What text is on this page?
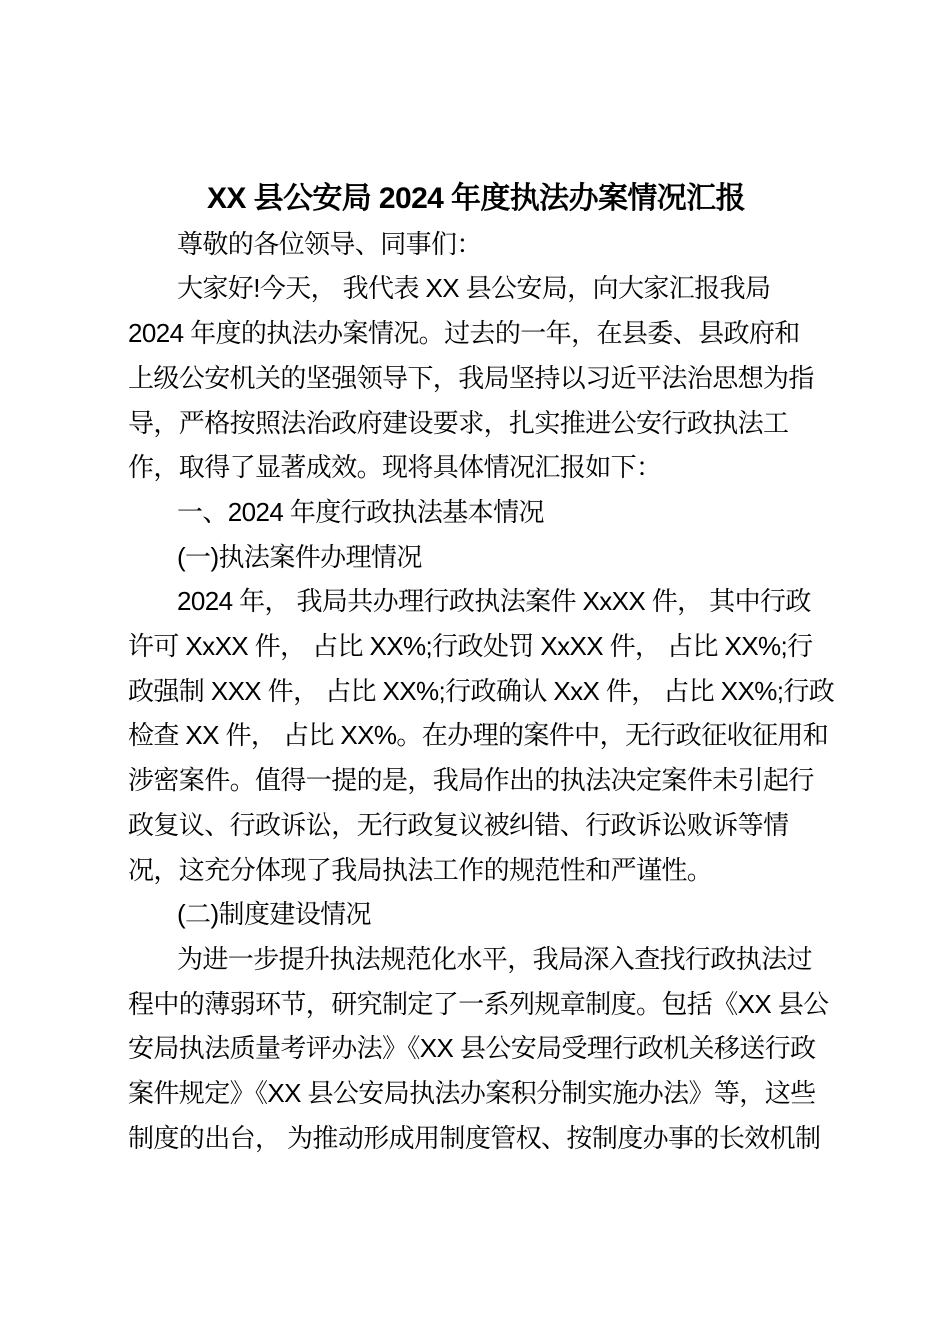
XX 县公安局 2024 年度执法办案情况汇报
尊敬的各位领导、同事们：
大家好!今天， 我代表 XX 县公安局，向大家汇报我局
2024 年度的执法办案情况。过去的一年，在县委、县政府和
上级公安机关的坚强领导下，我局坚持以习近平法治思想为指
导，严格按照法治政府建设要求，扎实推进公安行政执法工
作，取得了显著成效。现将具体情况汇报如下：
一、2024 年度行政执法基本情况
(一)执法案件办理情况
2024 年， 我局共办理行政执法案件 XxXX 件， 其中行政
许可 XxXX 件， 占比 XX%;行政处罚 XxXX 件， 占比 XX%;行
政强制 XXX 件， 占比 XX%;行政确认 XxX 件， 占比 XX%;行政
检查 XX 件， 占比 XX%。在办理的案件中，无行政征收征用和
涉密案件。值得一提的是，我局作出的执法决定案件未引起行
政复议、行政诉讼，无行政复议被纠错、行政诉讼败诉等情
况，这充分体现了我局执法工作的规范性和严谨性。
(二)制度建设情况
为进一步提升执法规范化水平，我局深入查找行政执法过
程中的薄弱环节，研究制定了一系列规章制度。包括《XX 县公
安局执法质量考评办法》《XX 县公安局受理行政机关移送行政
案件规定》《XX 县公安局执法办案积分制实施办法》等，这些
制度的出台， 为推动形成用制度管权、按制度办事的长效机制
